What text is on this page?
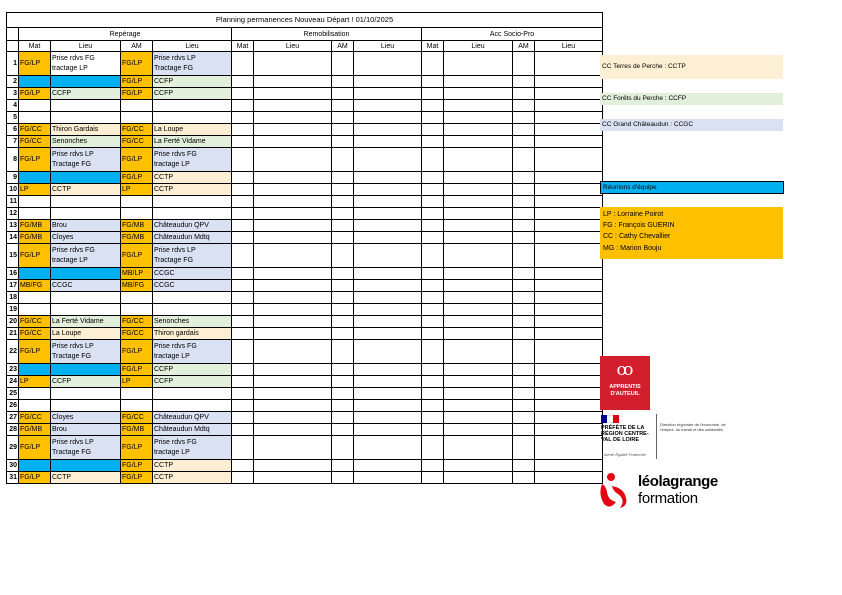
Planning permanences Nouveau Départ ! 01/10/2025												
	Repérage				Remobilisation				Acc Socio-Pro			
	Mat	Lieu	AM	Lieu	Mat	Lieu	AM	Lieu	Mat	Lieu	AM	Lieu
1	FG/LP	Prise rdvs FG
tractage LP	FG/LP	Prise rdvs LP
Tractage FG								
2			FG/LP	CCFP								
3	FG/LP	CCFP	FG/LP	CCFP								
4												
5												
6	FG/CC	Thiron Gardais	FG/CC	La Loupe								
7	FG/CC	Senonches	FG/CC	La Ferté Vidame								
8	FG/LP	Prise rdvs LP
Tractage FG	FG/LP	Prise rdvs FG
tractage LP								
9			FG/LP	CCTP								
10	LP	CCTP	LP	CCTP								
11												
12												
13	FG/MB	Brou	FG/MB	Châteaudun QPV								
14	FG/MB	Cloyes	FG/MB	Châteaudun Mdtq								
15	FG/LP	Prise rdvs FG
tractage LP	FG/LP	Prise rdvs LP
Tractage FG								
16			MB/LP	CCGC								
17	MB/FG	CCGC	MB/FG	CCGC								
18												
19												
20	FG/CC	La Ferté Vidame	FG/CC	Senonches								
21	FG/CC	La Loupe	FG/CC	Thiron gardais								
22	FG/LP	Prise rdvs LP
Tractage FG	FG/LP	Prise rdvs FG
tractage LP								
23			FG/LP	CCFP								
24	LP	CCFP	LP	CCFP								
25												
26												
27	FG/CC	Cloyes	FG/CC	Châteaudun QPV								
28	FG/MB	Brou	FG/MB	Châteaudun Mdtq								
29	FG/LP	Prise rdvs LP
Tractage FG	FG/LP	Prise rdvs FG
tractage LP								
30			FG/LP	CCTP								
31	FG/LP	CCTP	FG/LP	CCTP								
CC Terres de Perche : CCTP
CC Forêts du Perche : CCFP
CC Grand Châteaudun : CCGC
Réunions d'équipe
LP : Lorraine Poirot
FG : François GUERIN
CC : Cathy Chevallier
MG : Marion Bouju
ꝏ
APPRENTIS D'AUTEUIL
PRÉFÈTE DE LA RÉGION CENTRE-VAL DE LOIRE
Liberté Égalité Fraternité
Direction régionale de l'économie, de l'emploi, du travail et des solidarités
léolagrange
formation
